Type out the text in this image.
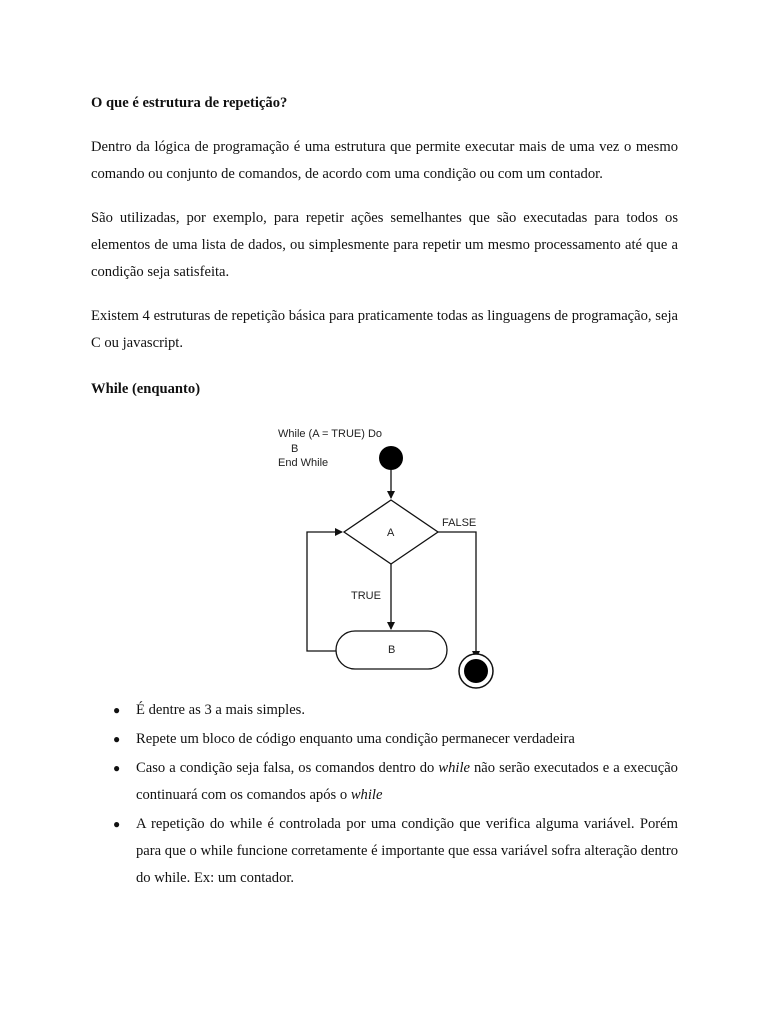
O que é estrutura de repetição?
Dentro da lógica de programação é uma estrutura que permite executar mais de uma vez o mesmo comando ou conjunto de comandos, de acordo com uma condição ou com um contador.
São utilizadas, por exemplo, para repetir ações semelhantes que são executadas para todos os elementos de uma lista de dados, ou simplesmente para repetir um mesmo processamento até que a condição seja satisfeita.
Existem 4 estruturas de repetição básica para praticamente todas as linguagens de programação, seja C ou javascript.
While (enquanto)
While (A = TRUE) Do
B
End While
A
FALSE
TRUE
B
● É dentre as 3 a mais simples.
● Repete um bloco de código enquanto uma condição permanecer verdadeira
● Caso a condição seja falsa, os comandos dentro do while não serão executados e a execução continuará com os comandos após o while
● A repetição do while é controlada por uma condição que verifica alguma variável. Porém para que o while funcione corretamente é importante que essa variável sofra alteração dentro do while. Ex: um contador.
